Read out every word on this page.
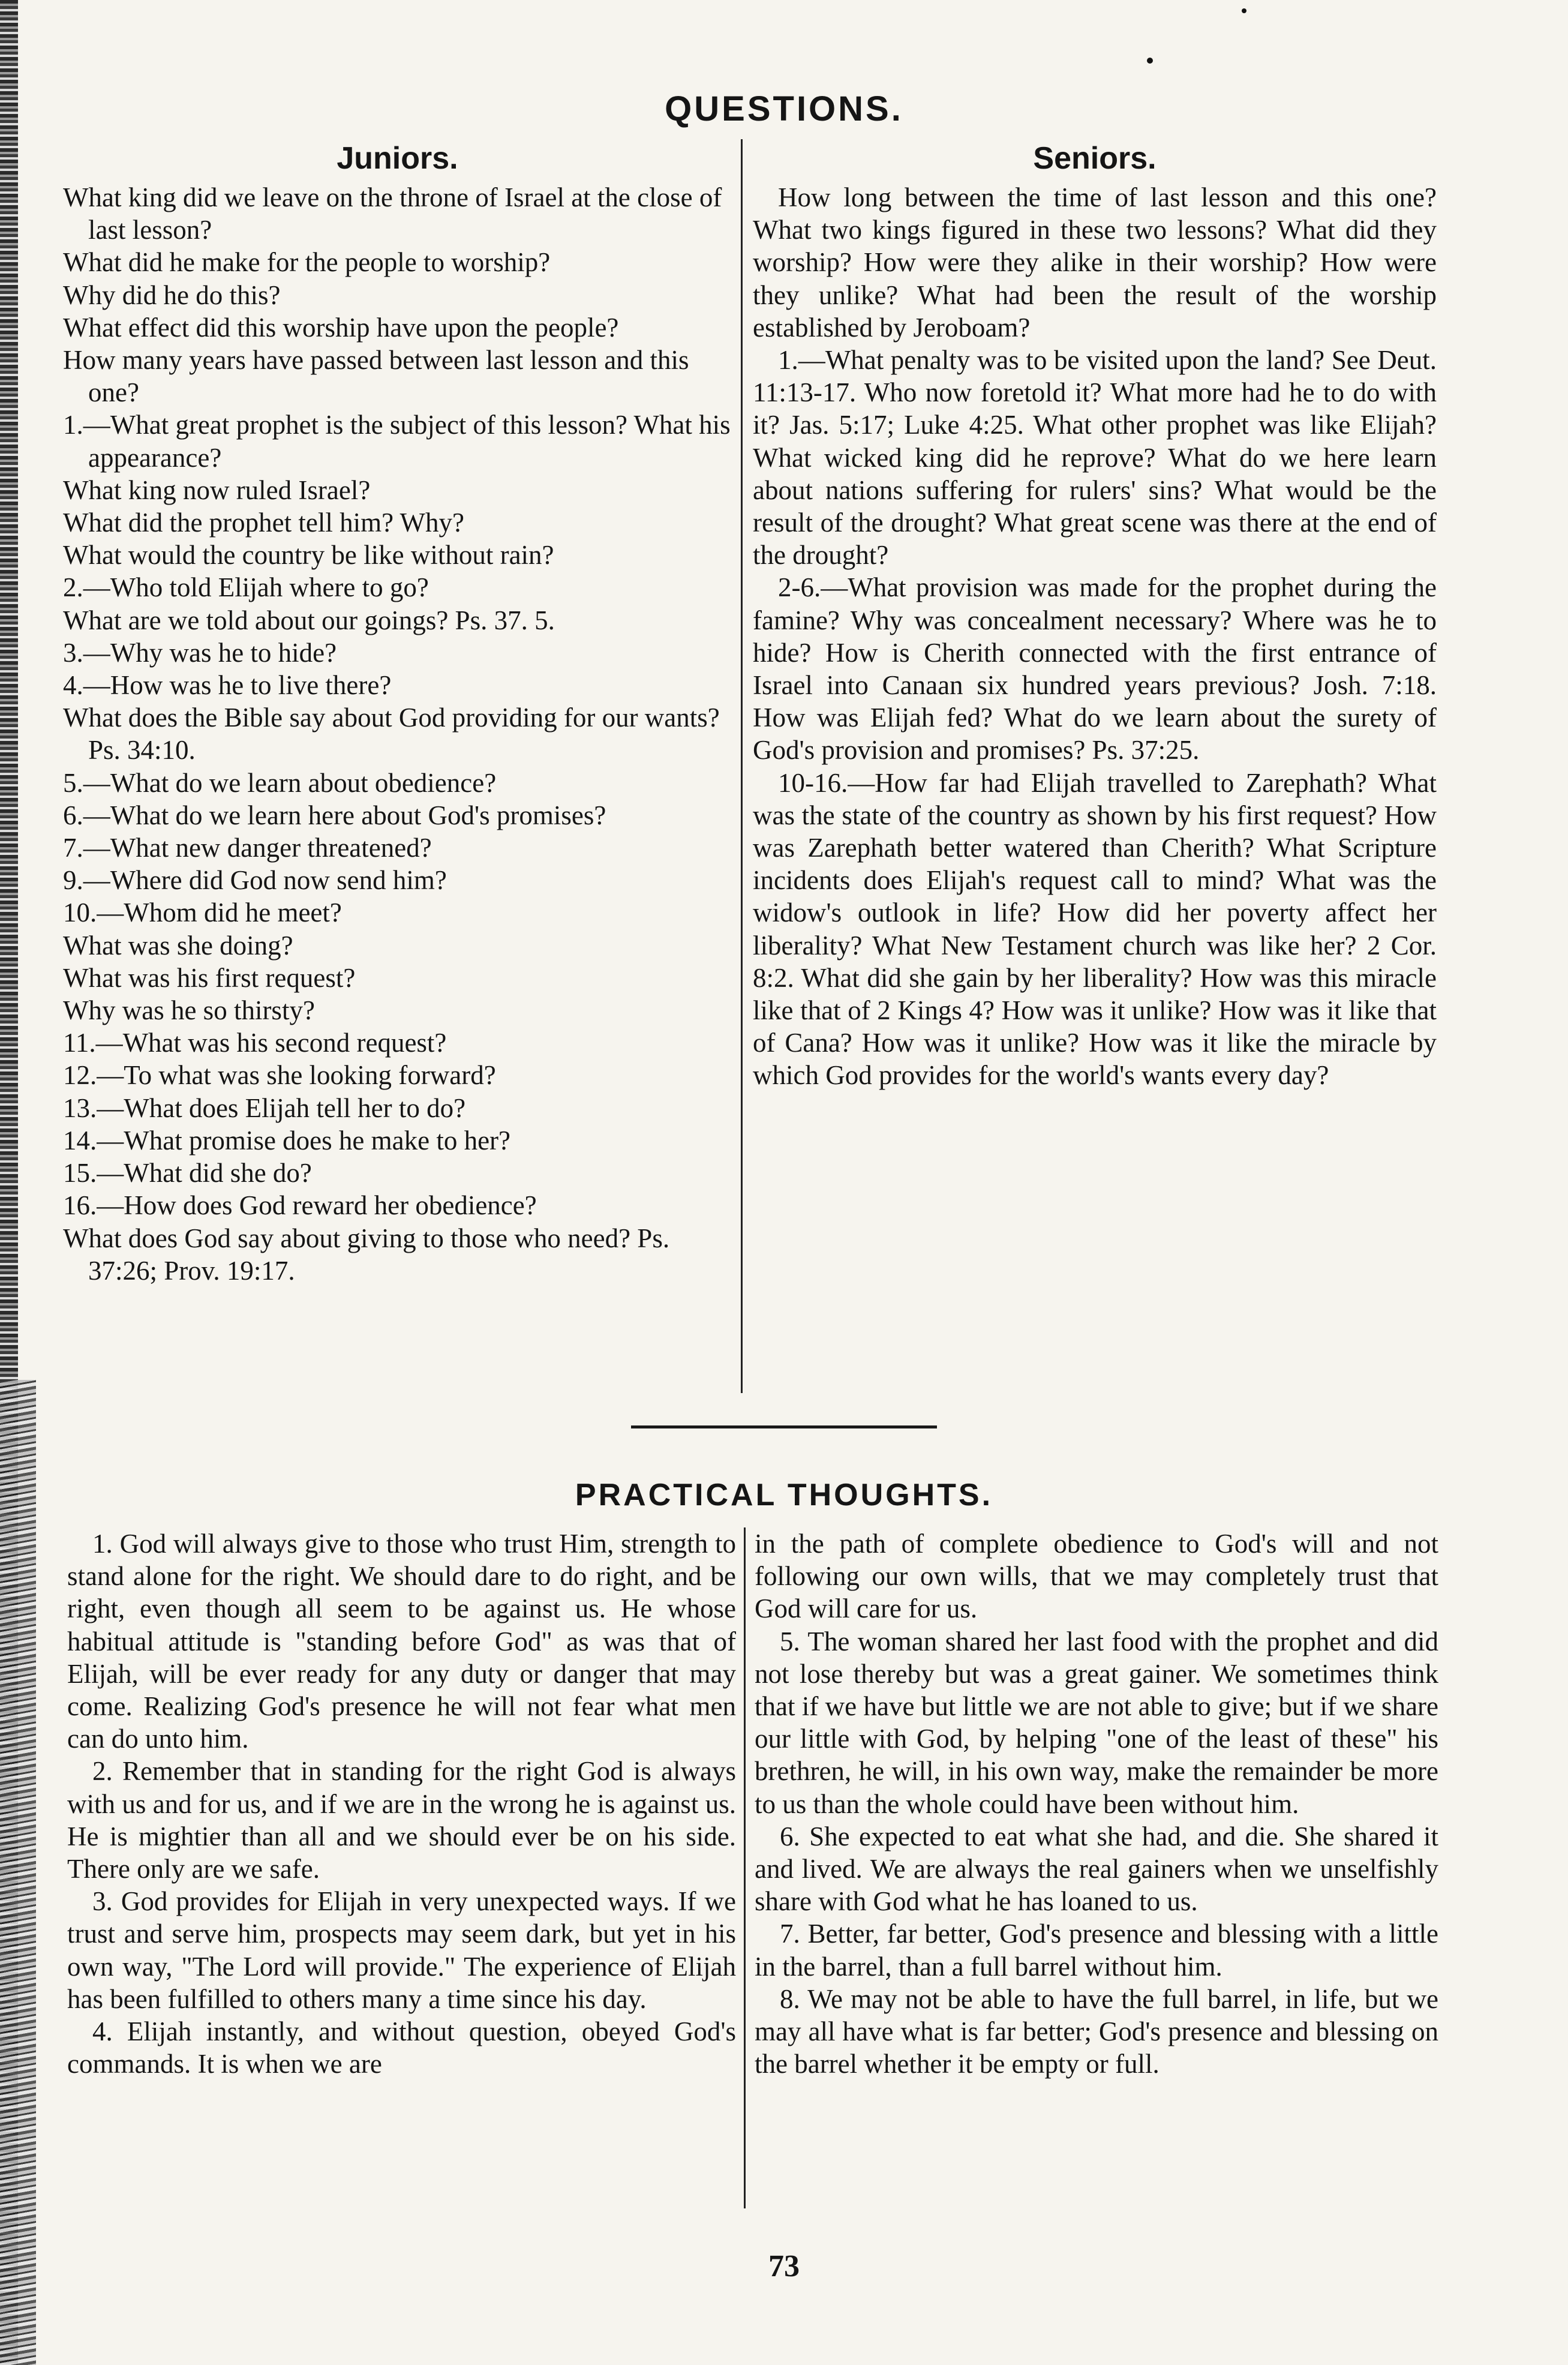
QUESTIONS.

Juniors.

What king did we leave on the throne of Israel at the close of last lesson?

What did he make for the people to worship?

Why did he do this?

What effect did this worship have upon the people?

How many years have passed between last lesson and this one?

1.—What great prophet is the subject of this lesson? What his appearance?

What king now ruled Israel?

What did the prophet tell him? Why?

What would the country be like without rain?

2.—Who told Elijah where to go?

What are we told about our goings? Ps. 37. 5.

3.—Why was he to hide?

4.—How was he to live there?

What does the Bible say about God providing for our wants? Ps. 34:10.

5.—What do we learn about obedience?

6.—What do we learn here about God's promises?

7.—What new danger threatened?

9.—Where did God now send him?

10.—Whom did he meet?

What was she doing?

What was his first request?

Why was he so thirsty?

11.—What was his second request?

12.—To what was she looking forward?

13.—What does Elijah tell her to do?

14.—What promise does he make to her?

15.—What did she do?

16.—How does God reward her obedience?

What does God say about giving to those who need? Ps. 37:26; Prov. 19:17.

Seniors.

How long between the time of last lesson and this one? What two kings figured in these two lessons? What did they worship? How were they alike in their worship? How were they unlike? What had been the result of the worship established by Jeroboam?

1.—What penalty was to be visited upon the land? See Deut. 11:13-17. Who now foretold it? What more had he to do with it? Jas. 5:17; Luke 4:25. What other prophet was like Elijah? What wicked king did he reprove? What do we here learn about nations suffering for rulers' sins? What would be the result of the drought? What great scene was there at the end of the drought?

2-6.—What provision was made for the prophet during the famine? Why was concealment necessary? Where was he to hide? How is Cherith connected with the first entrance of Israel into Canaan six hundred years previous? Josh. 7:18. How was Elijah fed? What do we learn about the surety of God's provision and promises? Ps. 37:25.

10-16.—How far had Elijah travelled to Zarephath? What was the state of the country as shown by his first request? How was Zarephath better watered than Cherith? What Scripture incidents does Elijah's request call to mind? What was the widow's outlook in life? How did her poverty affect her liberality? What New Testament church was like her? 2 Cor. 8:2. What did she gain by her liberality? How was this miracle like that of 2 Kings 4? How was it unlike? How was it like that of Cana? How was it unlike? How was it like the miracle by which God provides for the world's wants every day?

PRACTICAL THOUGHTS.

1. God will always give to those who trust Him, strength to stand alone for the right. We should dare to do right, and be right, even though all seem to be against us. He whose habitual attitude is "standing before God" as was that of Elijah, will be ever ready for any duty or danger that may come. Realizing God's presence he will not fear what men can do unto him.

2. Remember that in standing for the right God is always with us and for us, and if we are in the wrong he is against us. He is mightier than all and we should ever be on his side. There only are we safe.

3. God provides for Elijah in very unexpected ways. If we trust and serve him, prospects may seem dark, but yet in his own way, "The Lord will provide." The experience of Elijah has been fulfilled to others many a time since his day.

4. Elijah instantly, and without question, obeyed God's commands. It is when we are

in the path of complete obedience to God's will and not following our own wills, that we may completely trust that God will care for us.

5. The woman shared her last food with the prophet and did not lose thereby but was a great gainer. We sometimes think that if we have but little we are not able to give; but if we share our little with God, by helping "one of the least of these" his brethren, he will, in his own way, make the remainder be more to us than the whole could have been without him.

6. She expected to eat what she had, and die. She shared it and lived. We are always the real gainers when we unselfishly share with God what he has loaned to us.

7. Better, far better, God's presence and blessing with a little in the barrel, than a full barrel without him.

8. We may not be able to have the full barrel, in life, but we may all have what is far better; God's presence and blessing on the barrel whether it be empty or full.

73
